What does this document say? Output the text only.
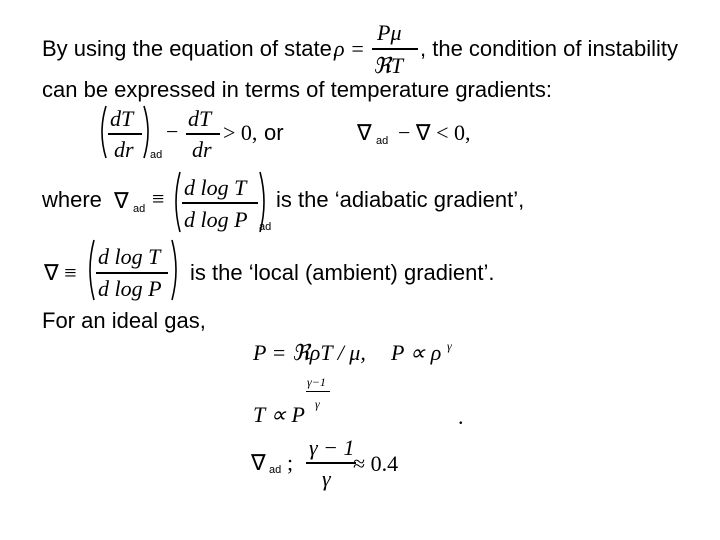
By using the equation of state,
ρ =
Pμ
ℜT
, the condition of instability
can be expressed in terms of temperature gradients:
dT
dr ad
−
dT
dr
> 0, or	∇ ad − ∇ < 0,
where ∇ ad ≡ d log T
d log P ad
is the ‘adiabatic gradient’,
∇ ≡
d log T
d log P
is the ‘local (ambient) gradient’.
For an ideal gas,
P = ℜρT / μ, P ∝ ρ γ
γ−1
γ
T ∝ P	.
∇ ad ;
γ − 1
γ
≈ 0.4
